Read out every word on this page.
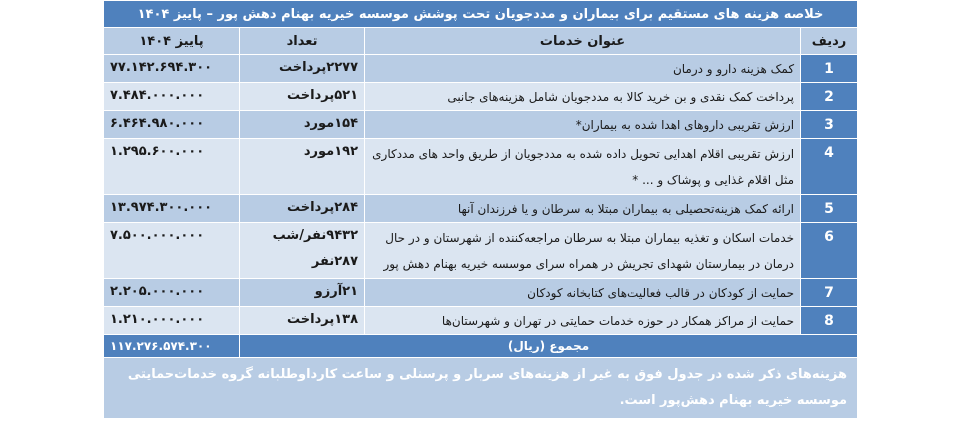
خلاصه هزینه های مستقیم برای بیماران و مددجویان تحت پوشش موسسه خیریه بهنام دهش پور – پاییز ۱۴۰۴			
ردیف	عنوان خدمات	تعداد	پاییز ۱۴۰۴
1	کمک هزینه دارو و درمان	۲۲۷۷پرداخت	۷۷.۱۴۲.۶۹۴.۳۰۰
2	پرداخت کمک نقدی و بن خرید کالا به مددجویان شامل هزینه‌های جانبی	۵۲۱پرداخت	۷.۴۸۴.۰۰۰.۰۰۰
3	ارزش تقریبی داروهای اهدا شده به بیماران*	۱۵۴مورد	۶.۴۶۴.۹۸۰.۰۰۰
4	ارزش تقریبی اقلام اهدایی تحویل داده شده به مددجویان از طریق واحد های مددکاری مثل اقلام غذایی و پوشاک و ... *	۱۹۲مورد	۱.۲۹۵.۶۰۰.۰۰۰
5	ارائه کمک هزینه‌تحصیلی به بیماران مبتلا به سرطان و یا فرزندان آنها	۲۸۴پرداخت	۱۳.۹۷۴.۳۰۰.۰۰۰
6	خدمات اسکان و تغذیه بیماران مبتلا به سرطان مراجعه‌کننده از شهرستان و در حال درمان در بیمارستان شهدای تجریش در همراه سرای موسسه خیریه بهنام دهش پور	۹۴۳۲نفر/شب ۲۸۷نفر	۷.۵۰۰.۰۰۰.۰۰۰
7	حمایت از کودکان در قالب فعالیت‌های کتابخانه کودکان	۲۱آرزو	۲.۲۰۵.۰۰۰.۰۰۰
8	حمایت از مراکز همکار در حوزه خدمات حمایتی در تهران و شهرستان‌ها	۱۳۸پرداخت	۱.۲۱۰.۰۰۰.۰۰۰
مجموع (ریال)			۱۱۷.۲۷۶.۵۷۴.۳۰۰
هزینه‌های ذکر شده در جدول فوق به غیر از هزینه‌های سربار و پرسنلی و ساعت کارداوطلبانه گروه خدمات‌حمایتی موسسه خیریه بهنام دهش‌پور است.			
